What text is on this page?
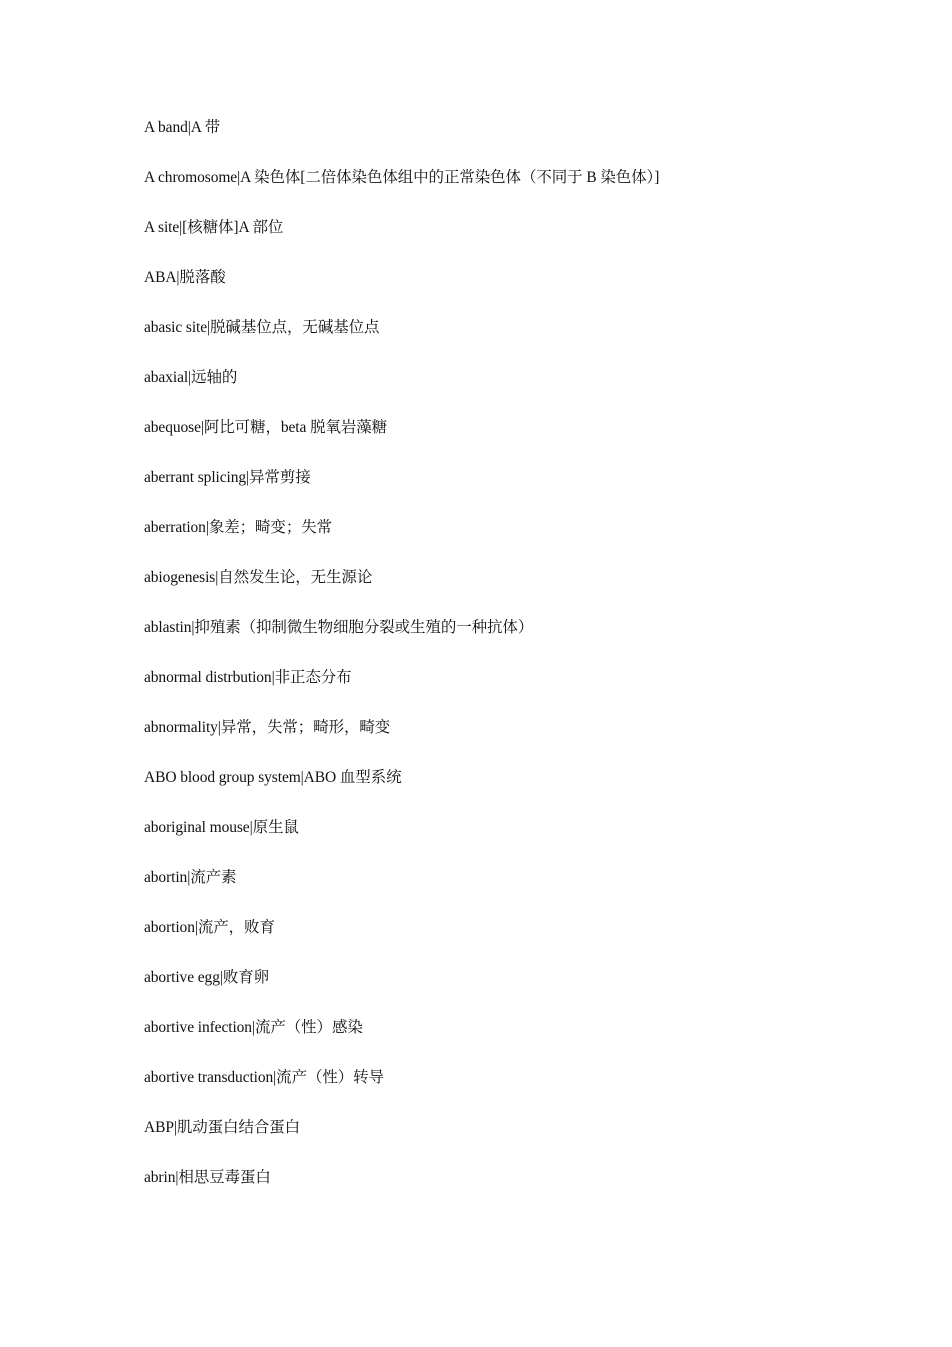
A band|A 带
A chromosome|A 染色体[二倍体染色体组中的正常染色体（不同于 B 染色体）]
A site|[核糖体]A 部位
ABA|脱落酸
abasic site|脱碱基位点，无碱基位点
abaxial|远轴的
abequose|阿比可糖，beta 脱氧岩藻糖
aberrant splicing|异常剪接
aberration|象差；畸变；失常
abiogenesis|自然发生论，无生源论
ablastin|抑殖素（抑制微生物细胞分裂或生殖的一种抗体）
abnormal distrbution|非正态分布
abnormality|异常，失常；畸形，畸变
ABO blood group system|ABO 血型系统
aboriginal mouse|原生鼠
abortin|流产素
abortion|流产，败育
abortive egg|败育卵
abortive infection|流产（性）感染
abortive transduction|流产（性）转导
ABP|肌动蛋白结合蛋白
abrin|相思豆毒蛋白
